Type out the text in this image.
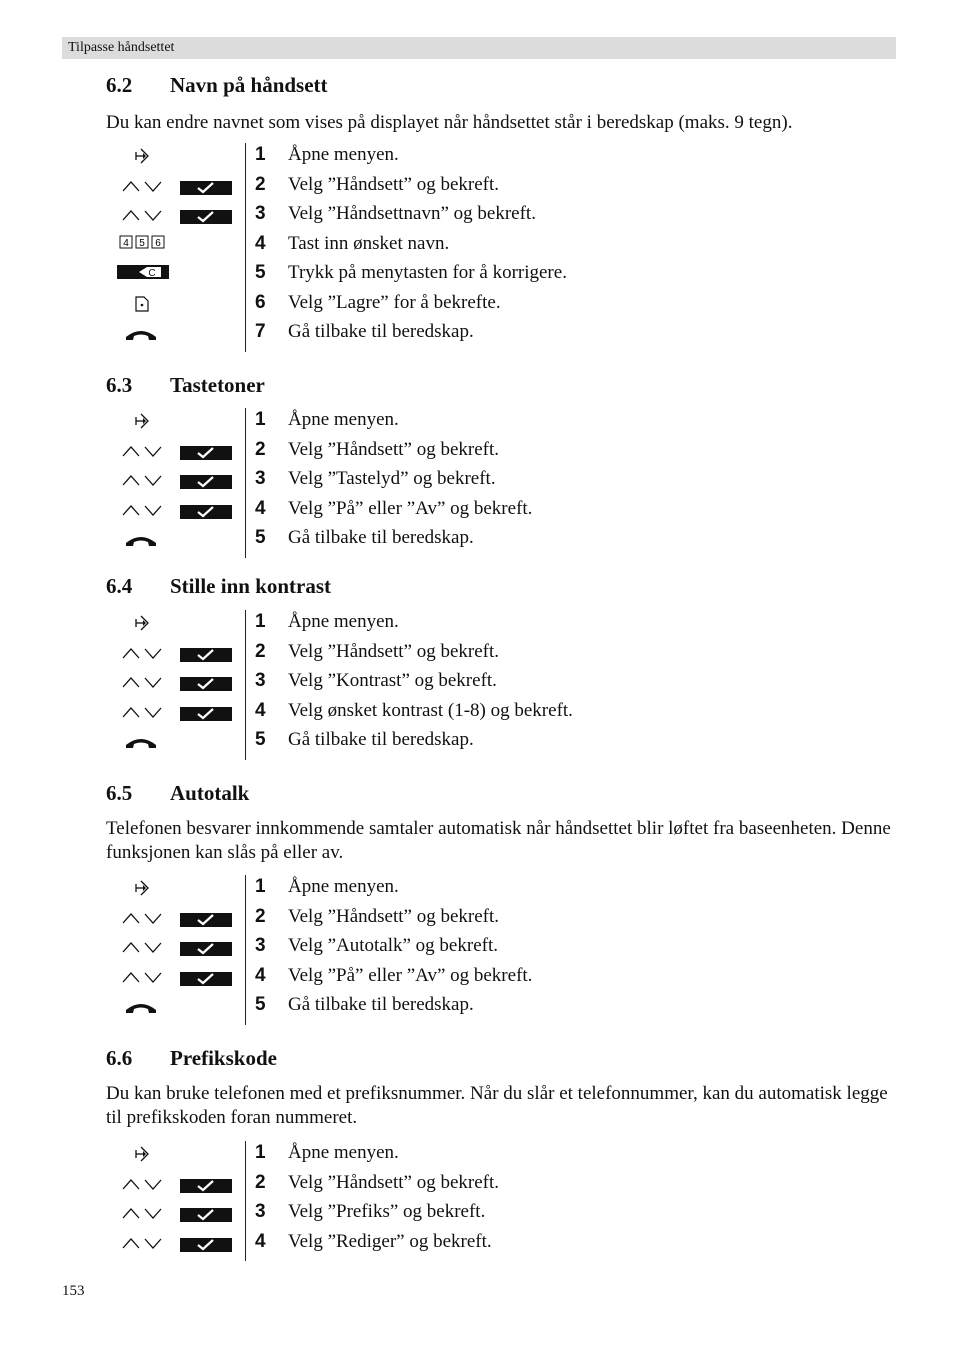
Tilpasse håndsettet
6.2 Navn på håndsett
Du kan endre navnet som vises på displayet når håndsettet står i beredskap (maks. 9 tegn).
1 Åpne menyen.
2 Velg ”Håndsett” og bekreft.
3 Velg ”Håndsettnavn” og bekreft.
4 5 6	4 Tast inn ønsket navn.
C	5 Trykk på menytasten for å korrigere.
6 Velg ”Lagre” for å bekrefte.
7 Gå tilbake til beredskap.
6.3 Tastetoner
1 Åpne menyen.
2 Velg ”Håndsett” og bekreft.
3 Velg ”Tastelyd” og bekreft.
4 Velg ”På” eller ”Av” og bekreft.
5 Gå tilbake til beredskap.
6.4 Stille inn kontrast
1 Åpne menyen.
2 Velg ”Håndsett” og bekreft.
3 Velg ”Kontrast” og bekreft.
4 Velg ønsket kontrast (1-8) og bekreft.
5 Gå tilbake til beredskap.
6.5 Autotalk
Telefonen besvarer innkommende samtaler automatisk når håndsettet blir løftet fra baseenheten. Denne funksjonen kan slås på eller av.
1 Åpne menyen.
2 Velg ”Håndsett” og bekreft.
3 Velg ”Autotalk” og bekreft.
4 Velg ”På” eller ”Av” og bekreft.
5 Gå tilbake til beredskap.
6.6 Prefikskode
Du kan bruke telefonen med et prefiksnummer. Når du slår et telefonnummer, kan du automatisk legge til prefikskoden foran nummeret.
1 Åpne menyen.
2 Velg ”Håndsett” og bekreft.
3 Velg ”Prefiks” og bekreft.
4 Velg ”Rediger” og bekreft.
153
